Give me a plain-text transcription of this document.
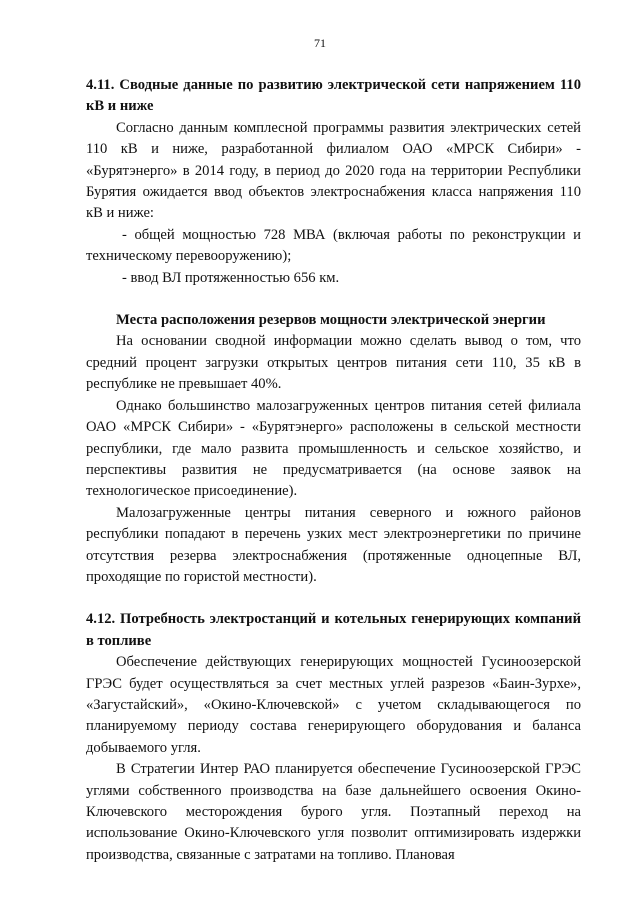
71
4.11. Сводные данные по развитию электрической сети напряжением 110 кВ и ниже

Согласно данным комплесной программы развития электрических сетей 110 кВ и ниже, разработанной филиалом ОАО «МРСК Сибири» - «Бурятэнерго» в 2014 году, в период до 2020 года на территории Республики Бурятия ожидается ввод объектов электроснабжения класса напряжения 110 кВ и ниже:

- общей мощностью 728 МВА (включая работы по реконструкции и техническому перевооружению);

- ввод ВЛ протяженностью 656 км.

Места расположения резервов мощности электрической энергии

На основании сводной информации можно сделать вывод о том, что средний процент загрузки открытых центров питания сети 110, 35 кВ в республике не превышает 40%.

Однако большинство малозагруженных центров питания сетей филиала ОАО «МРСК Сибири» - «Бурятэнерго» расположены в сельской местности республики, где мало развита промышленность и сельское хозяйство, и перспективы развития не предусматривается (на основе заявок на технологическое присоединение).

Малозагруженные центры питания северного и южного районов республики попадают в перечень узких мест электроэнергетики по причине отсутствия резерва электроснабжения (протяженные одноцепные ВЛ, проходящие по гористой местности).

4.12. Потребность электростанций и котельных генерирующих компаний в топливе

Обеспечение действующих генерирующих мощностей Гусиноозерской ГРЭС будет осуществляться за счет местных углей разрезов «Баин-Зурхе», «Загустайский», «Окино-Ключевской» с учетом складывающегося по планируемому периоду состава генерирующего оборудования и баланса добываемого угля.

В Стратегии Интер РАО планируется обеспечение Гусиноозерской ГРЭС углями собственного производства на базе дальнейшего освоения Окино-Ключевского месторождения бурого угля. Поэтапный переход на использование Окино-Ключевского угля позволит оптимизировать издержки производства, связанные с затратами на топливо. Плановая
